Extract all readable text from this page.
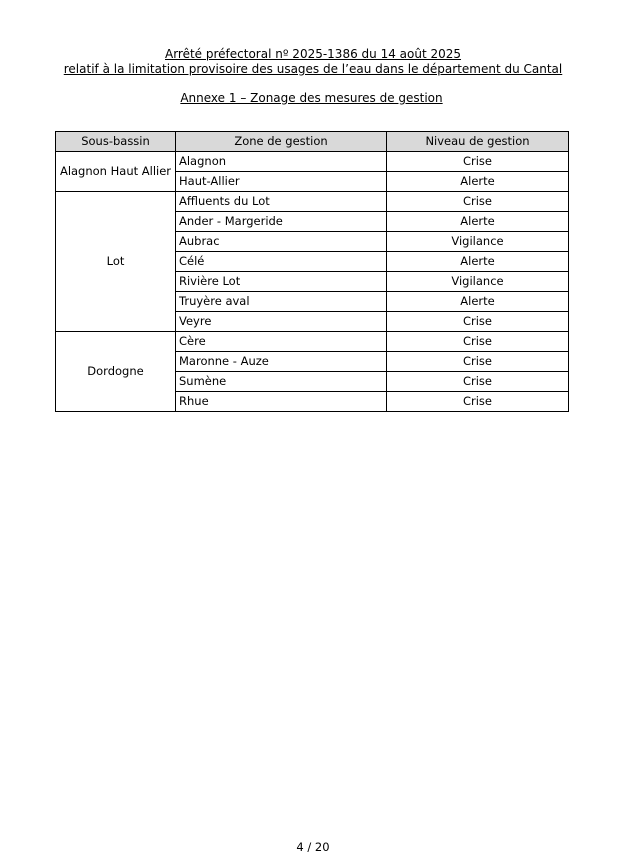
Arrêté préfectoral nº 2025-1386 du 14 août 2025
relatif à la limitation provisoire des usages de l’eau dans le département du Cantal
Annexe 1 – Zonage des mesures de gestion
Sous-bassin	Zone de gestion	Niveau de gestion
Alagnon Haut Allier	Alagnon	Crise
	Haut-Allier	Alerte
Lot	Affluents du Lot	Crise
	Ander - Margeride	Alerte
	Aubrac	Vigilance
	Célé	Alerte
	Rivière Lot	Vigilance
	Truyère aval	Alerte
	Veyre	Crise
Dordogne	Cère	Crise
	Maronne - Auze	Crise
	Sumène	Crise
	Rhue	Crise
4 / 20
